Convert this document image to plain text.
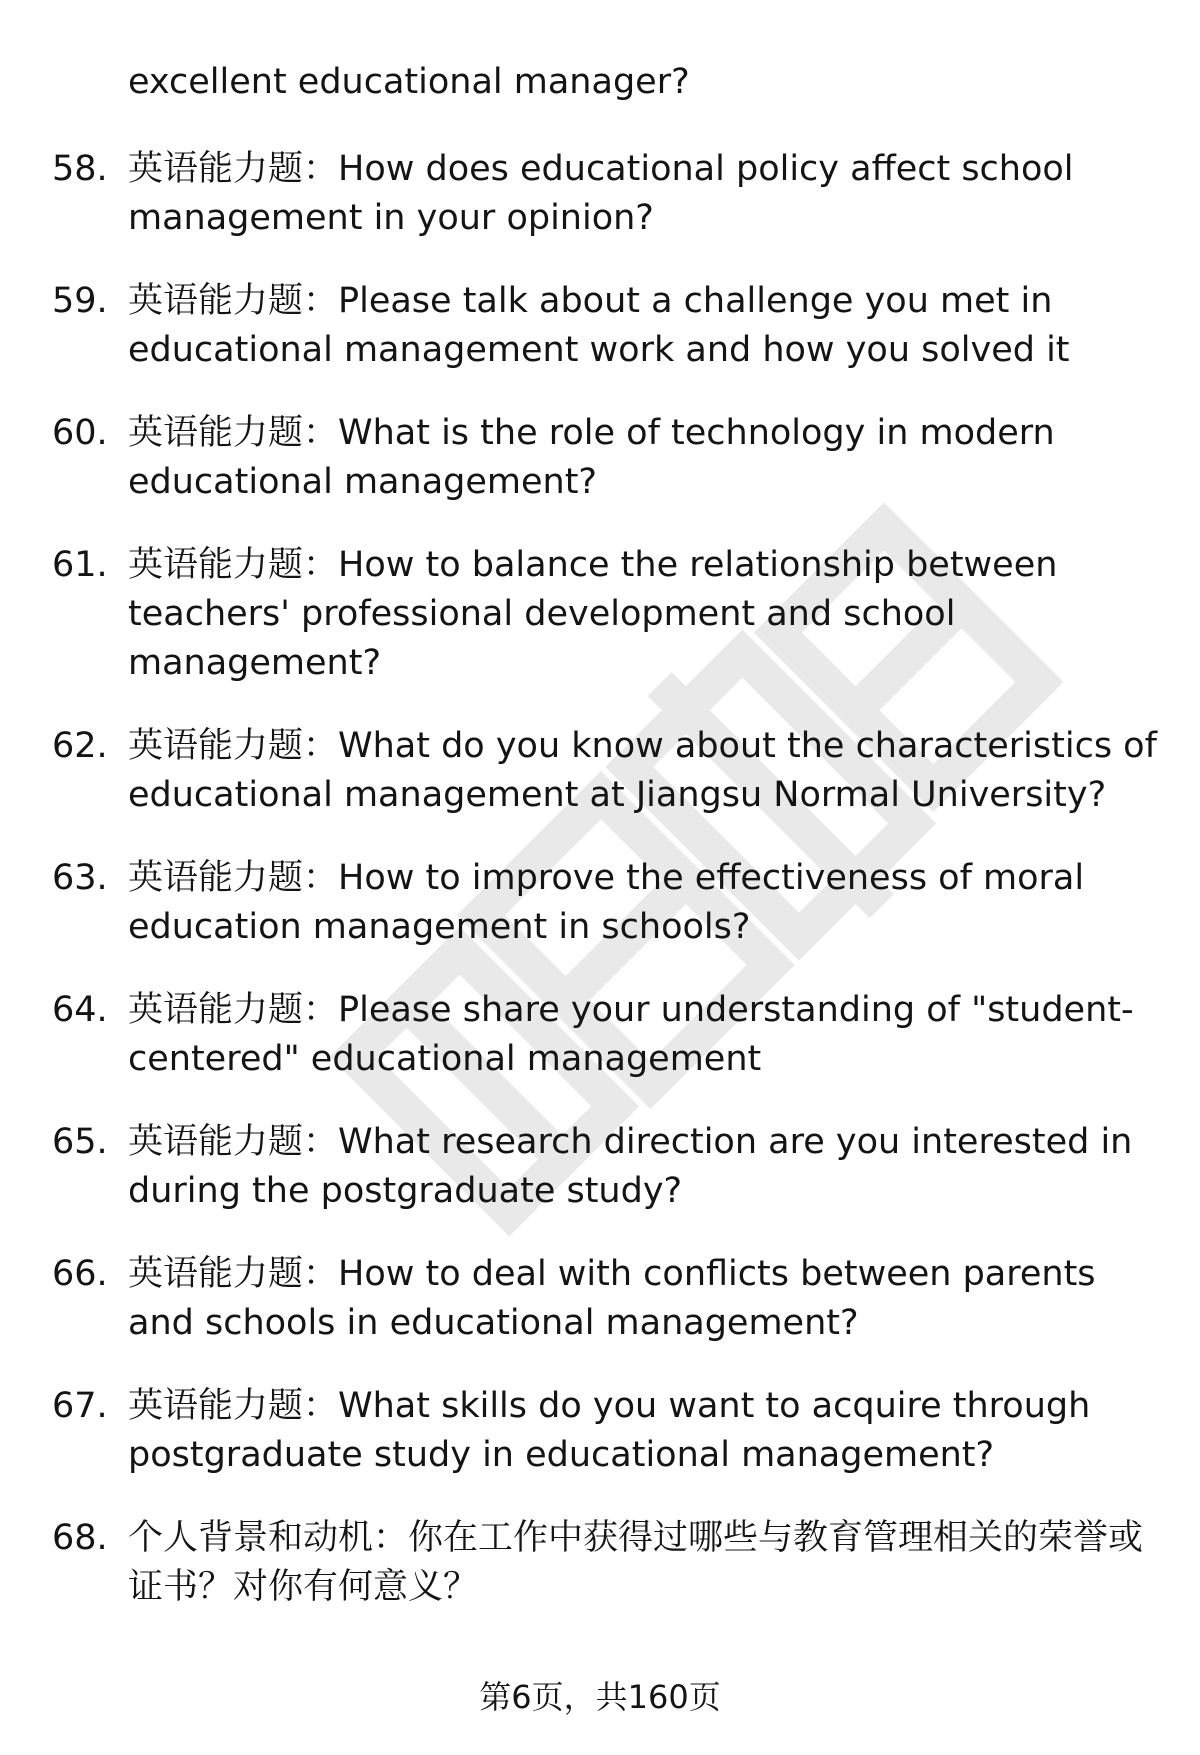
excellent educational manager?
58. 英语能力题：How does educational policy affect school management in your opinion?
59. 英语能力题：Please talk about a challenge you met in educational management work and how you solved it
60. 英语能力题：What is the role of technology in modern educational management?
61. 英语能力题：How to balance the relationship between teachers' professional development and school management?
62. 英语能力题：What do you know about the characteristics of educational management at Jiangsu Normal University?
63. 英语能力题：How to improve the effectiveness of moral education management in schools?
64. 英语能力题：Please share your understanding of "student-centered" educational management
65. 英语能力题：What research direction are you interested in during the postgraduate study?
66. 英语能力题：How to deal with conflicts between parents and schools in educational management?
67. 英语能力题：What skills do you want to acquire through postgraduate study in educational management?
68. 个人背景和动机：你在工作中获得过哪些与教育管理相关的荣誉或证书？对你有何意义？
第6页，共160页
